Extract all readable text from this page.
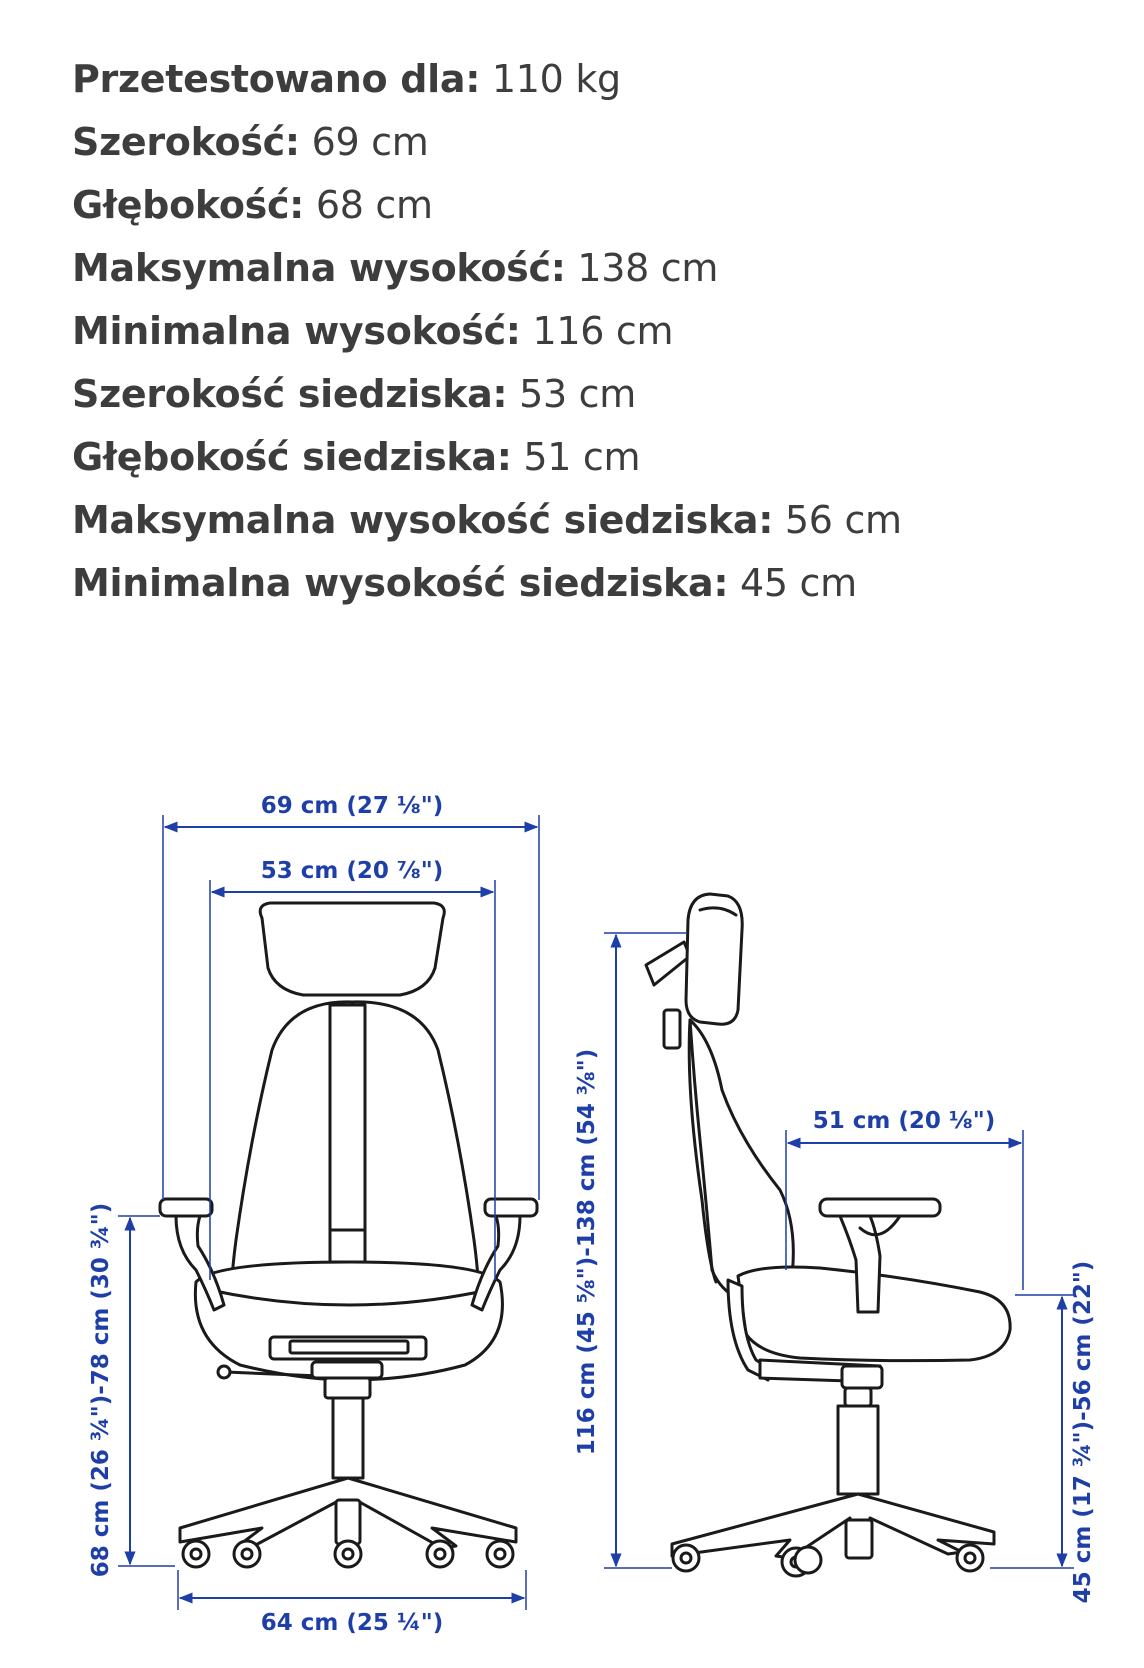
Przetestowano dla: 110 kg
Szerokość: 69 cm
Głębokość: 68 cm
Maksymalna wysokość: 138 cm
Minimalna wysokość: 116 cm
Szerokość siedziska: 53 cm
Głębokość siedziska: 51 cm
Maksymalna wysokość siedziska: 56 cm
Minimalna wysokość siedziska: 45 cm
69 cm (27 ⅛")
53 cm (20 ⅞")
64 cm (25 ¼")
68 cm (26 ¾")-78 cm (30 ¾")	116 cm (45 ⅝")-138 cm (54 ⅜")	51 cm (20 ⅛")
45 cm (17 ¾")-56 cm (22")
